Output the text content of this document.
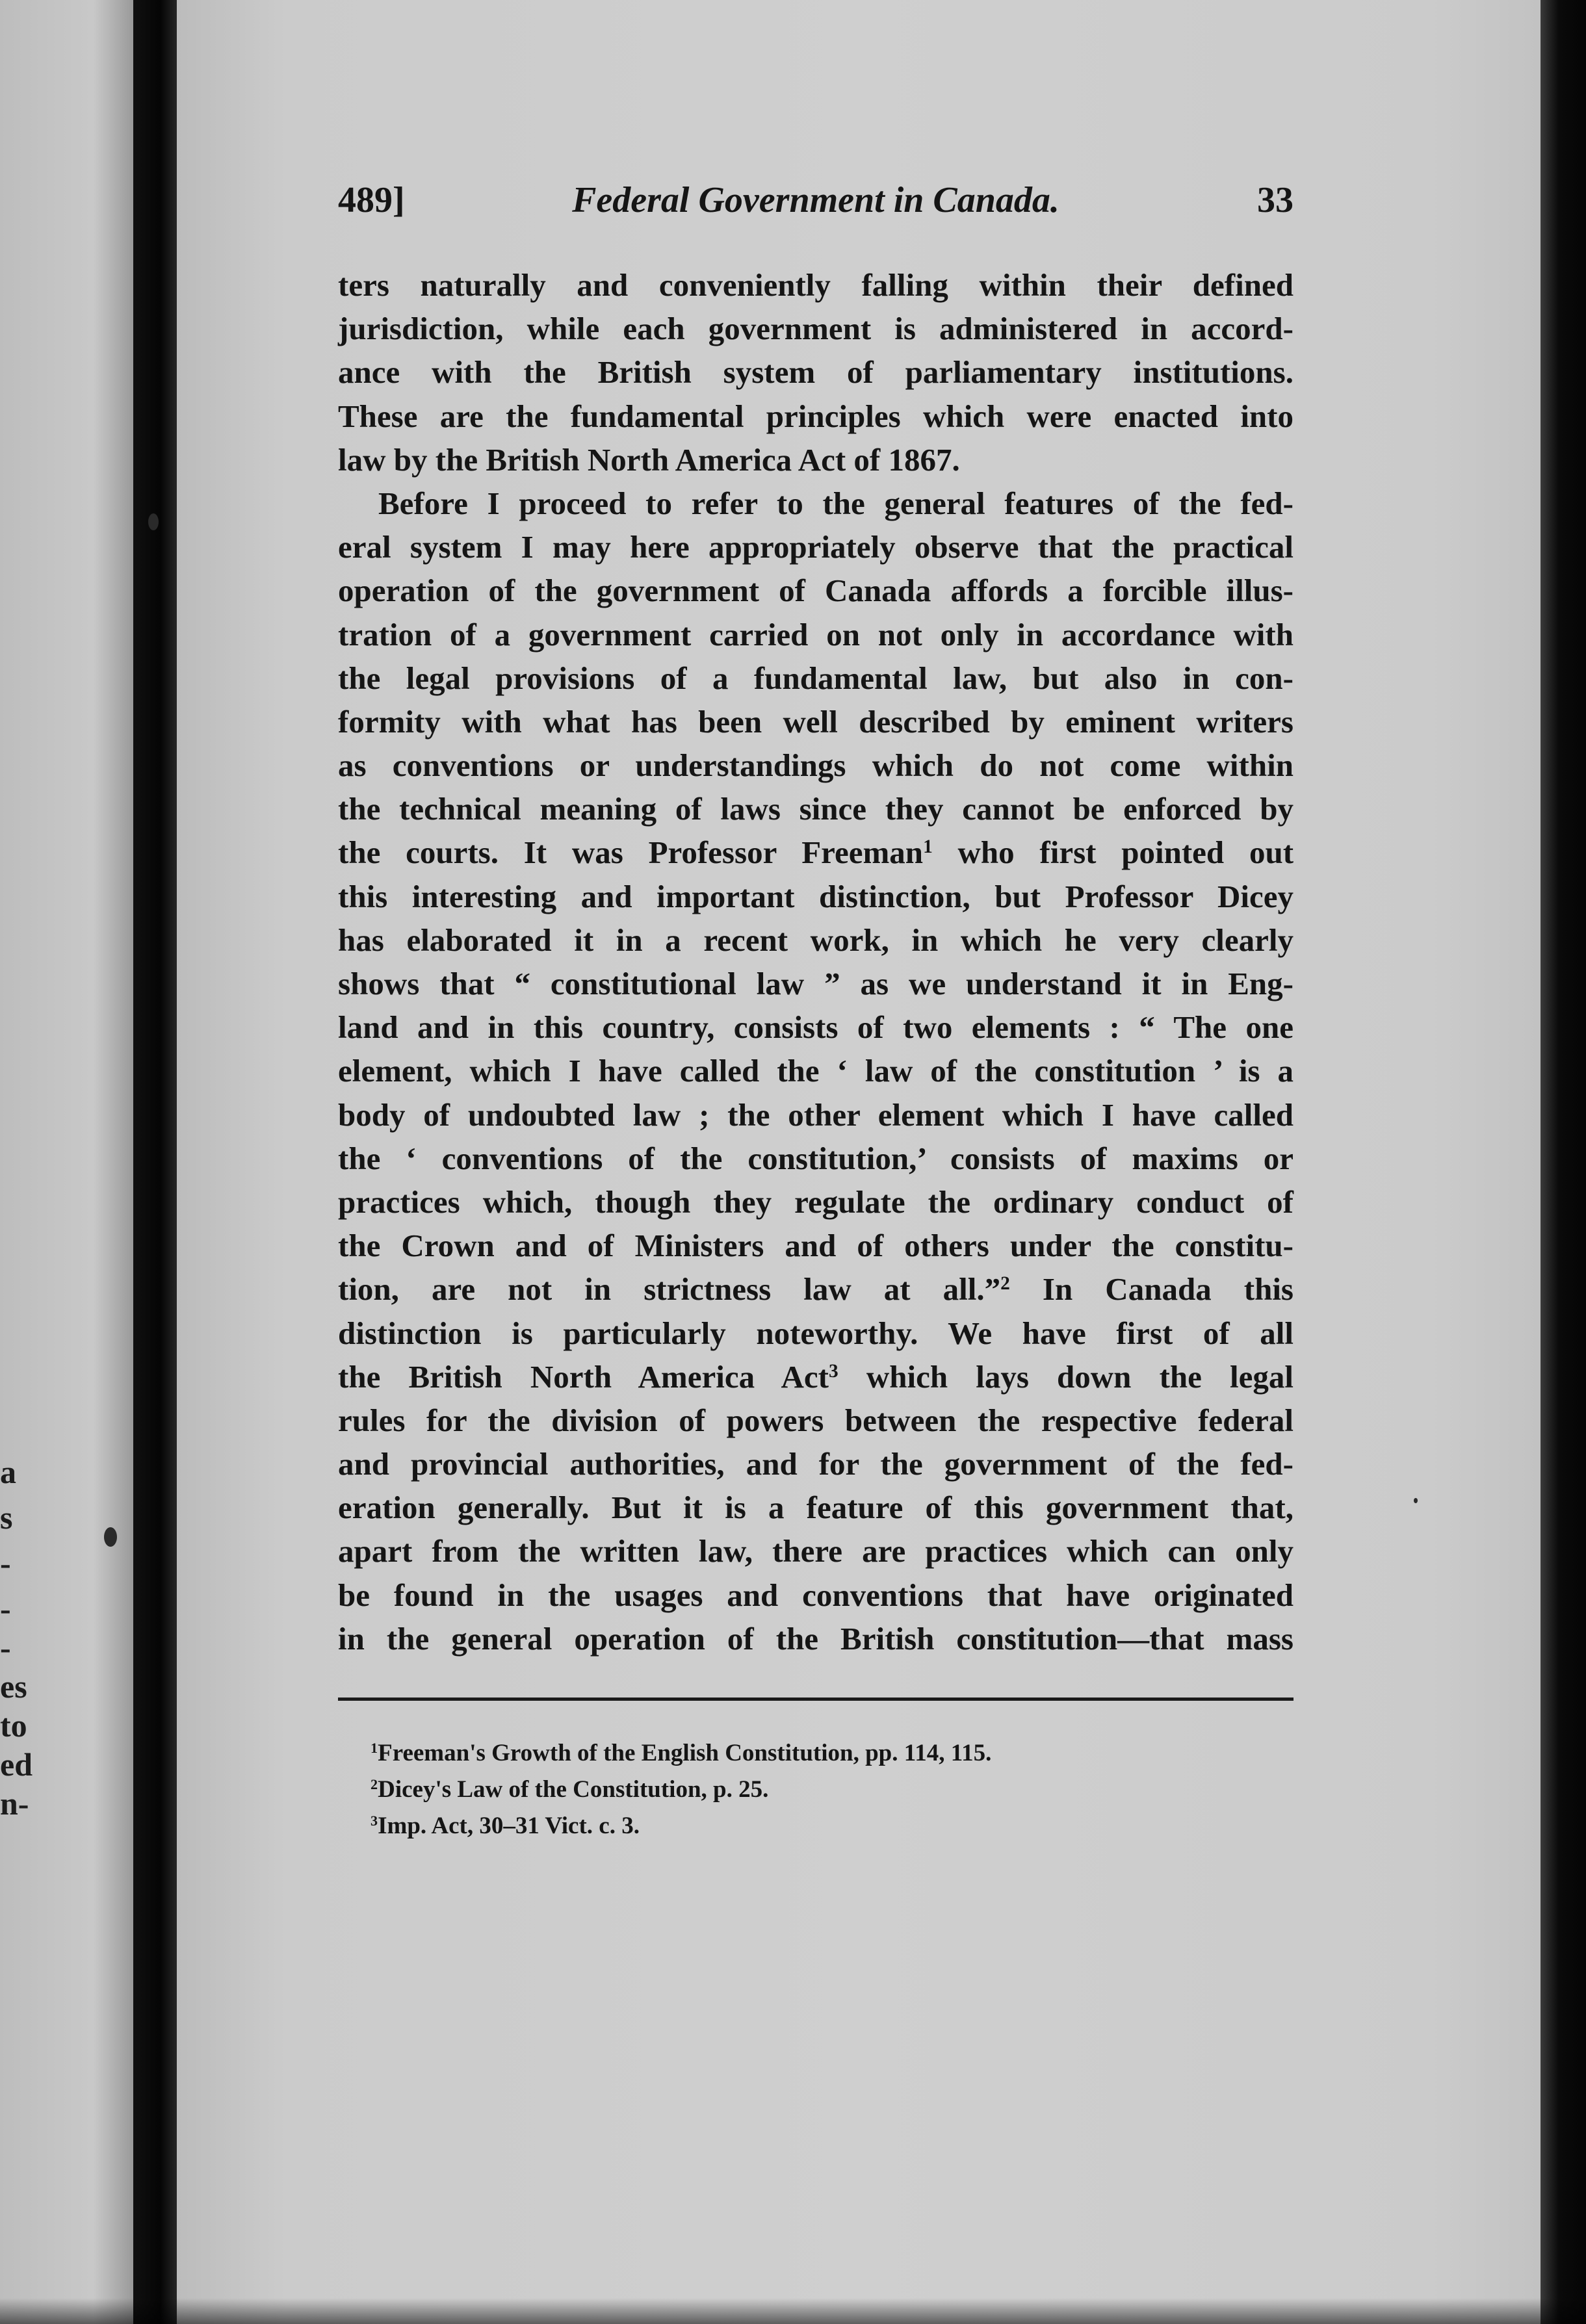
a
s
-
-
-
es
to
ed
n-
489]	Federal Government in Canada.	33
ters naturally and conveniently falling within their defined
jurisdiction, while each government is administered in accord-
ance with the British system of parliamentary institutions.
These are the fundamental principles which were enacted into
law by the British North America Act of 1867.
Before I proceed to refer to the general features of the fed-
eral system I may here appropriately observe that the practical
operation of the government of Canada affords a forcible illus-
tration of a government carried on not only in accordance with
the legal provisions of a fundamental law, but also in con-
formity with what has been well described by eminent writers
as conventions or understandings which do not come within
the technical meaning of laws since they cannot be enforced by
the courts. It was Professor Freeman$^1$ who first pointed out
this interesting and important distinction, but Professor Dicey
has elaborated it in a recent work, in which he very clearly
shows that “ constitutional law ” as we understand it in Eng-
land and in this country, consists of two elements : “ The one
element, which I have called the ‘ law of the constitution ’ is a
body of undoubted law ; the other element which I have called
the ‘ conventions of the constitution,’ consists of maxims or
practices which, though they regulate the ordinary conduct of
the Crown and of Ministers and of others under the constitu-
tion, are not in strictness law at all.”$^2$ In Canada this
distinction is particularly noteworthy. We have first of all
the British North America Act$^3$ which lays down the legal
rules for the division of powers between the respective federal
and provincial authorities, and for the government of the fed-
eration generally. But it is a feature of this government that,
apart from the written law, there are practices which can only
be found in the usages and conventions that have originated
in the general operation of the British constitution—that mass
$^1$Freeman's Growth of the English Constitution, pp. 114, 115.
$^2$Dicey's Law of the Constitution, p. 25.
$^3$Imp. Act, 30–31 Vict. c. 3.
